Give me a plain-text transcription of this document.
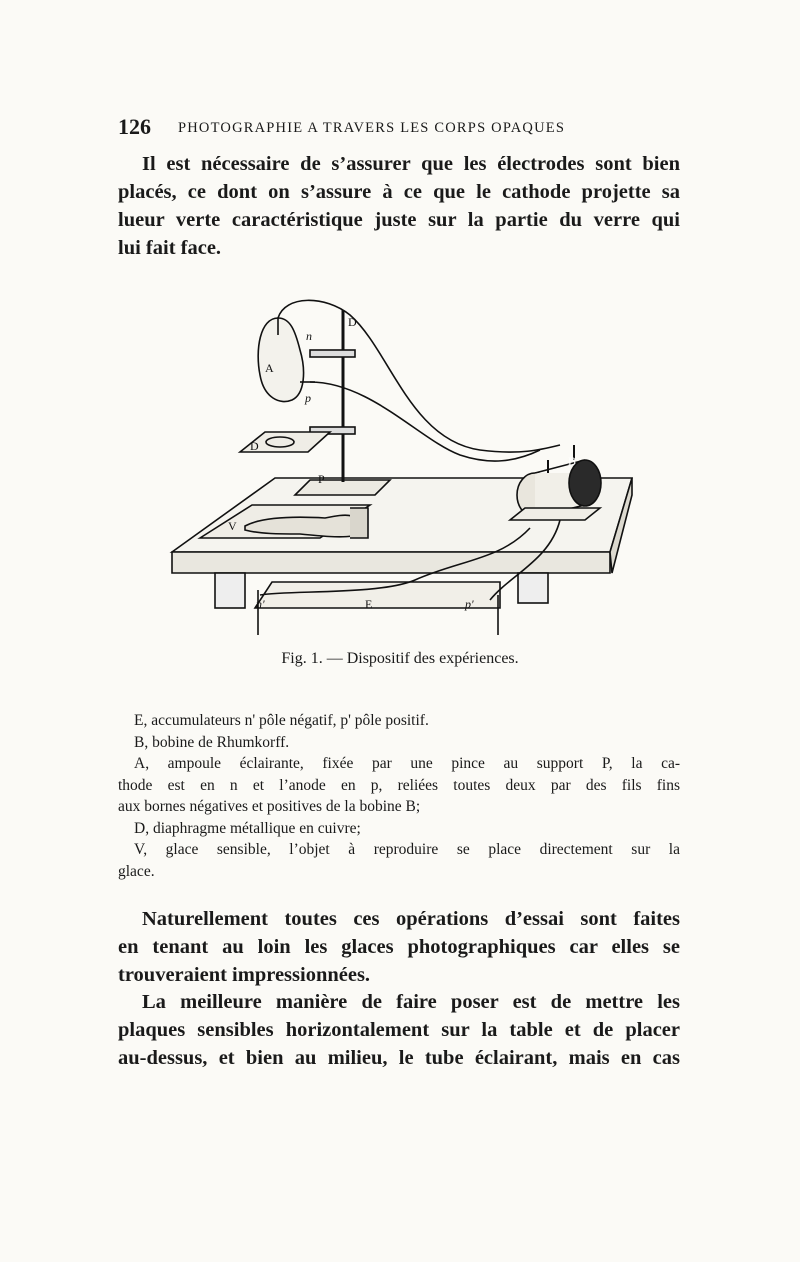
126 PHOTOGRAPHIE A TRAVERS LES CORPS OPAQUES

Il est nécessaire de s’assurer que les électrodes sont bien
placés, ce dont on s’assure à ce que le cathode projette sa
lueur verte caractéristique juste sur la partie du verre qui
lui fait face.

D
n
A
p
D
B
P
V
n'	E	p'
Fig. 1. — Dispositif des expériences.
E, accumulateurs n' pôle négatif, p' pôle positif.
B, bobine de Rhumkorff.
A, ampoule éclairante, fixée par une pince au support P, la ca-
thode est en n et l’anode en p, reliées toutes deux par des fils fins
aux bornes négatives et positives de la bobine B;
D, diaphragme métallique en cuivre;
V, glace sensible, l’objet à reproduire se place directement sur la
glace.

Naturellement toutes ces opérations d’essai sont faites
en tenant au loin les glaces photographiques car elles se
trouveraient impressionnées.

La meilleure manière de faire poser est de mettre les
plaques sensibles horizontalement sur la table et de placer
au-dessus, et bien au milieu, le tube éclairant, mais en cas
